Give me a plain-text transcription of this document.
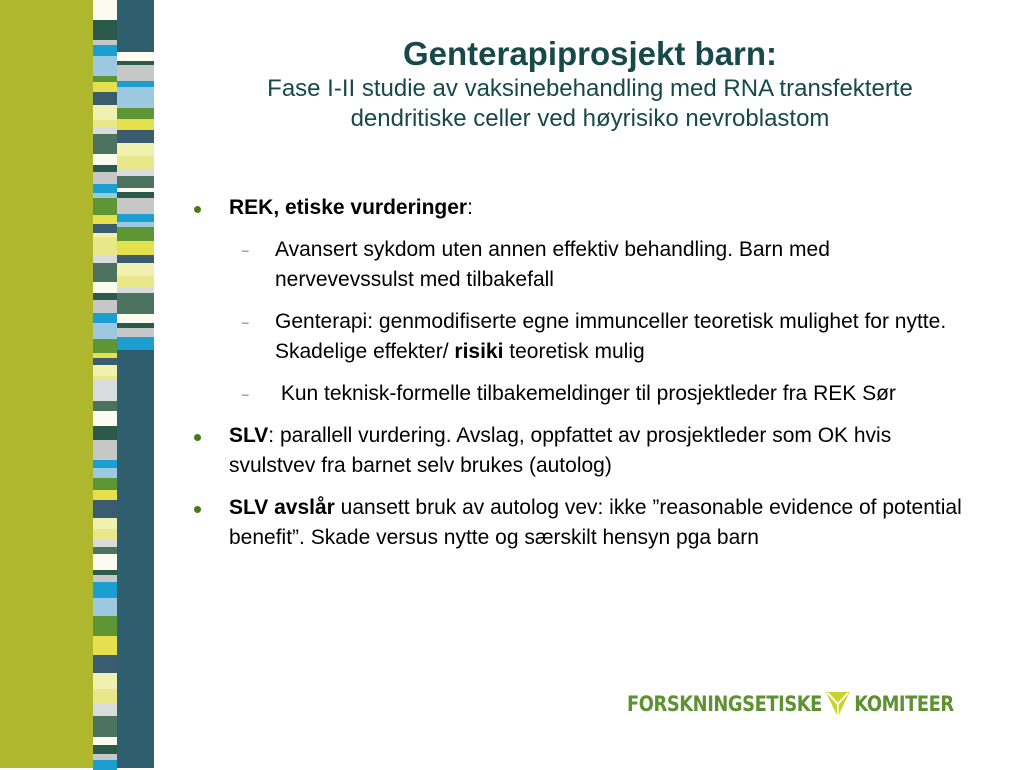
Genterapiprosjekt barn:
Fase I-II studie av vaksinebehandling med RNA transfekterte
dendritiske celler ved høyrisiko nevroblastom
REK, etiske vurderinger:
– Avansert sykdom uten annen effektiv behandling. Barn med nervevevssulst med tilbakefall
– Genterapi: genmodifiserte egne immunceller teoretisk mulighet for nytte. Skadelige effekter/ risiki teoretisk mulig
– Kun teknisk-formelle tilbakemeldinger til prosjektleder fra REK Sør
SLV: parallell vurdering. Avslag, oppfattet av prosjektleder som OK hvis svulstvev fra barnet selv brukes (autolog)
SLV avslår uansett bruk av autolog vev: ikke ”reasonable evidence of potential benefit”. Skade versus nytte og særskilt hensyn pga barn
FORSKNINGSETISKE KOMITEER
